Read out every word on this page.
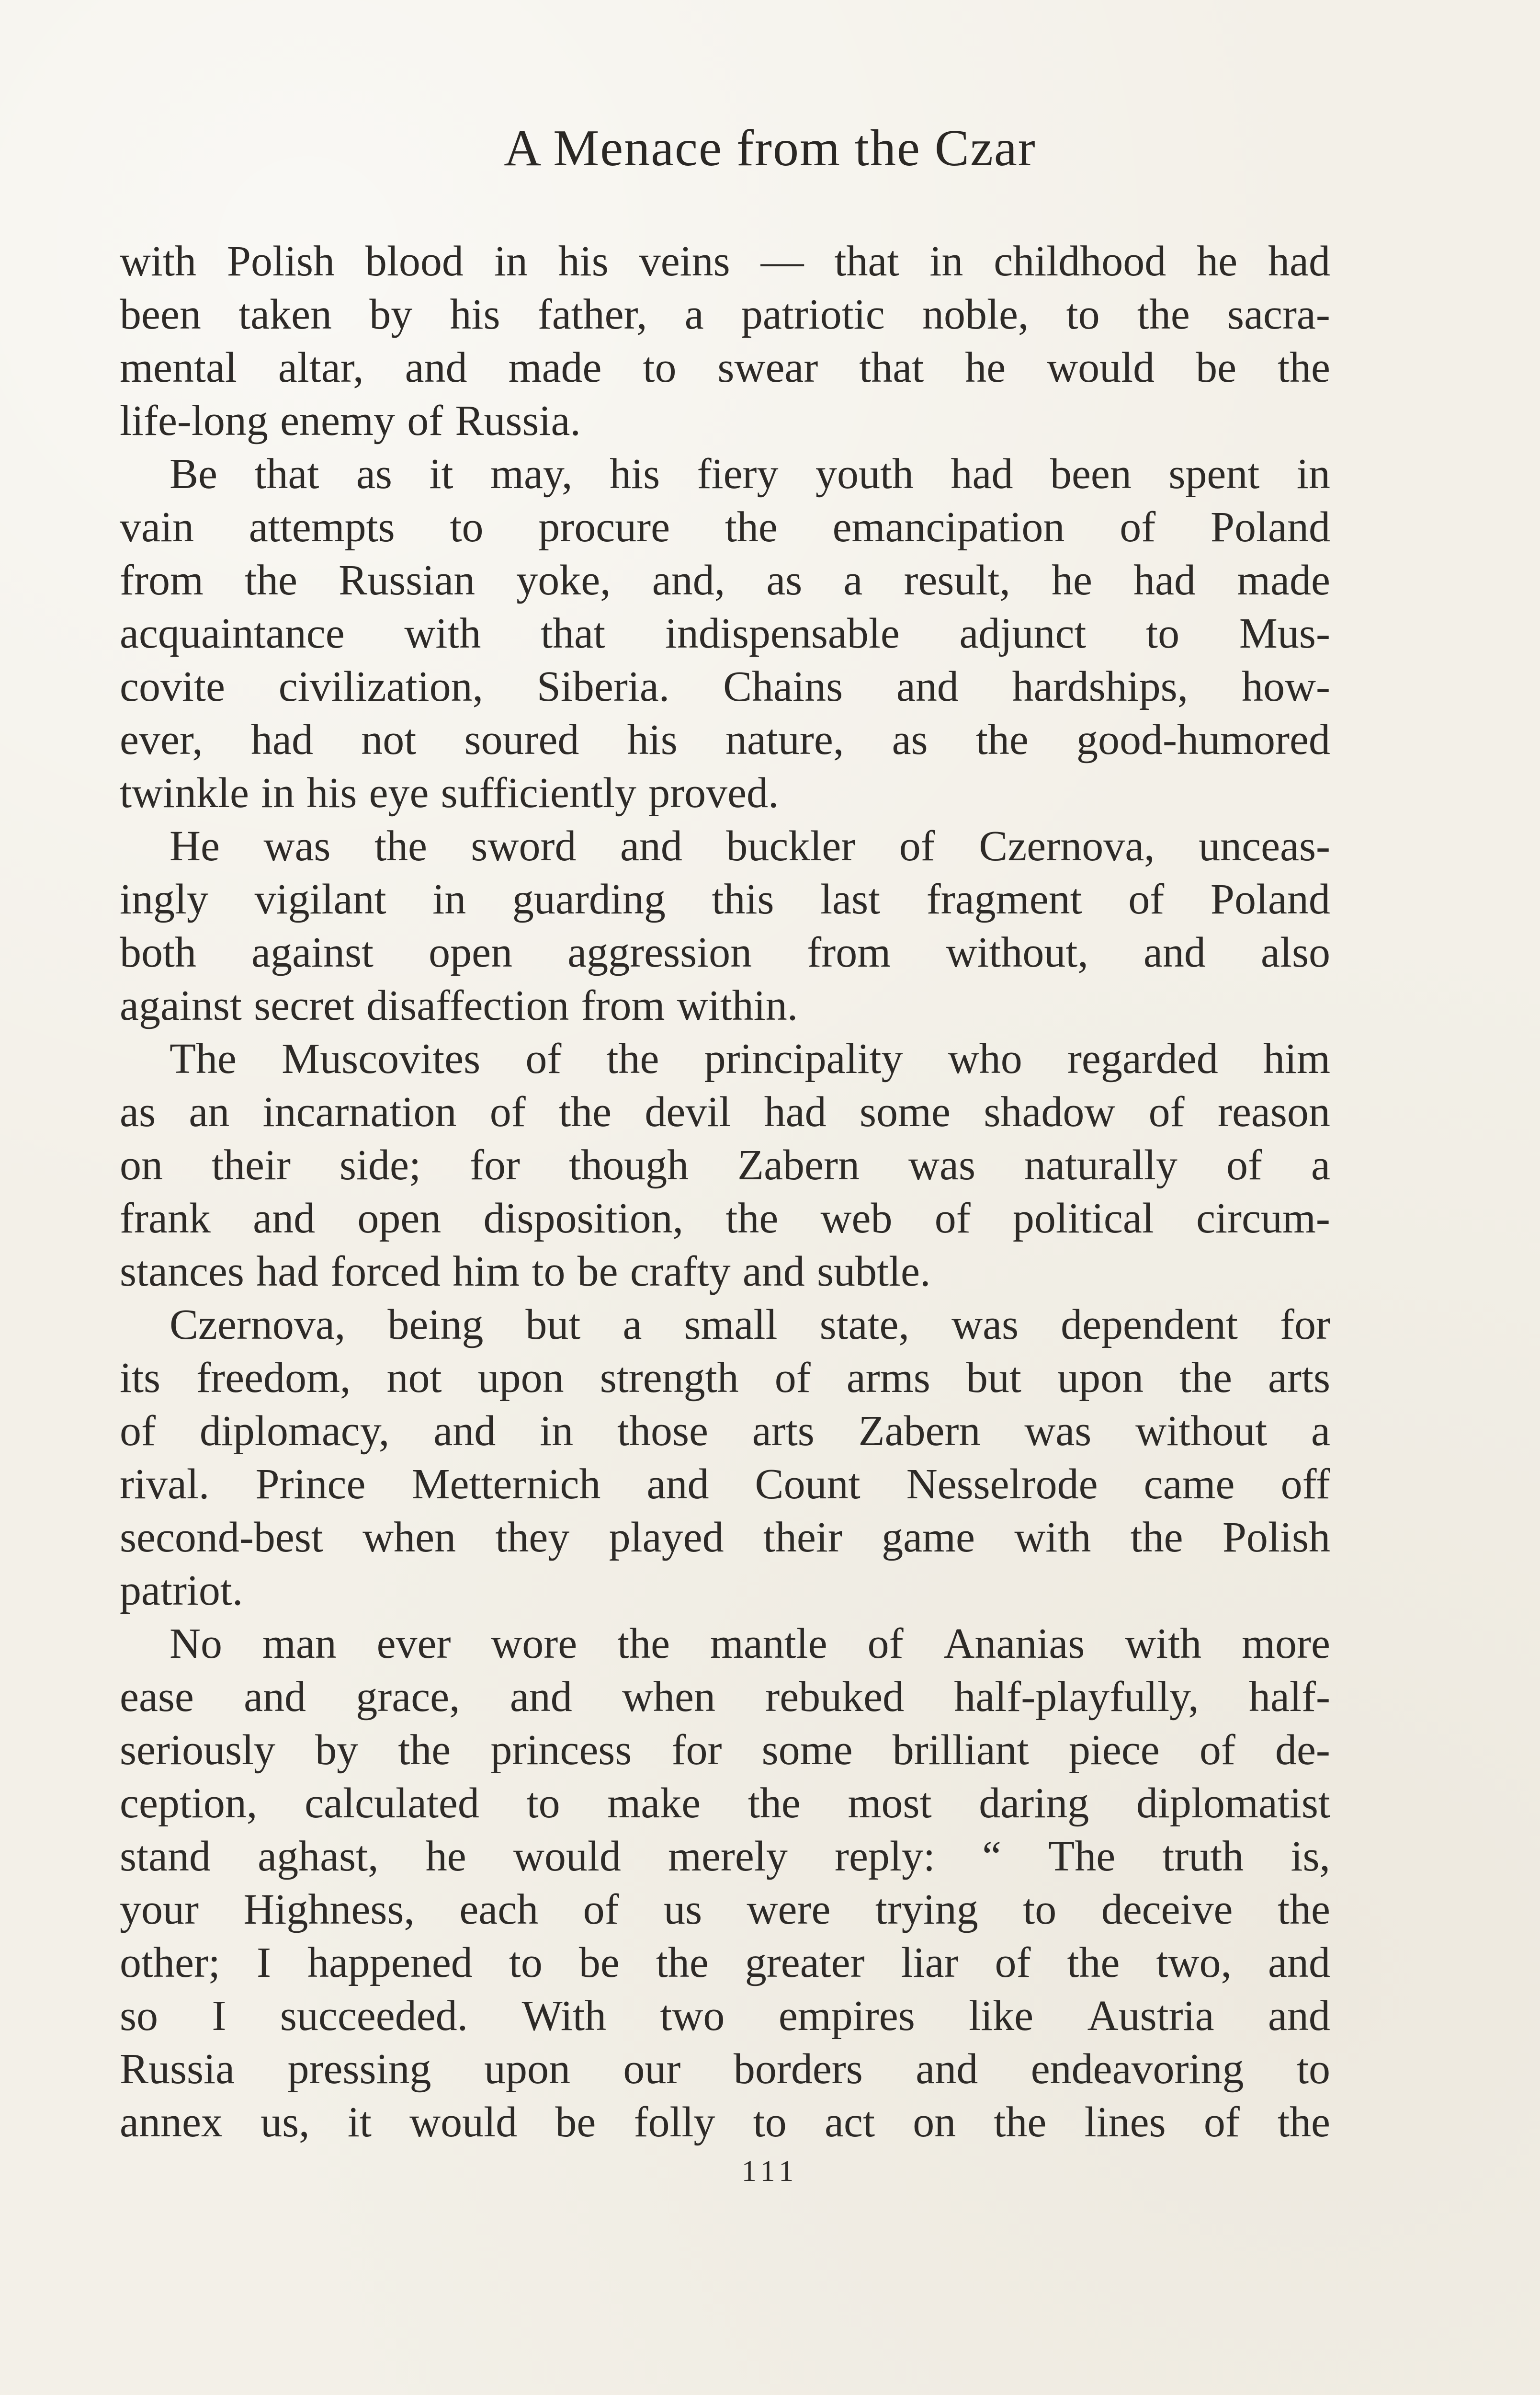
A Menace from the Czar
with Polish blood in his veins — that in childhood he had
been taken by his father, a patriotic noble, to the sacra-
mental altar, and made to swear that he would be the
life-long enemy of Russia.
Be that as it may, his fiery youth had been spent in
vain attempts to procure the emancipation of Poland
from the Russian yoke, and, as a result, he had made
acquaintance with that indispensable adjunct to Mus-
covite civilization, Siberia. Chains and hardships, how-
ever, had not soured his nature, as the good-humored
twinkle in his eye sufficiently proved.
He was the sword and buckler of Czernova, unceas-
ingly vigilant in guarding this last fragment of Poland
both against open aggression from without, and also
against secret disaffection from within.
The Muscovites of the principality who regarded him
as an incarnation of the devil had some shadow of reason
on their side; for though Zabern was naturally of a
frank and open disposition, the web of political circum-
stances had forced him to be crafty and subtle.
Czernova, being but a small state, was dependent for
its freedom, not upon strength of arms but upon the arts
of diplomacy, and in those arts Zabern was without a
rival. Prince Metternich and Count Nesselrode came off
second-best when they played their game with the Polish
patriot.
No man ever wore the mantle of Ananias with more
ease and grace, and when rebuked half-playfully, half-
seriously by the princess for some brilliant piece of de-
ception, calculated to make the most daring diplomatist
stand aghast, he would merely reply: “ The truth is,
your Highness, each of us were trying to deceive the
other; I happened to be the greater liar of the two, and
so I succeeded. With two empires like Austria and
Russia pressing upon our borders and endeavoring to
annex us, it would be folly to act on the lines of the
111
